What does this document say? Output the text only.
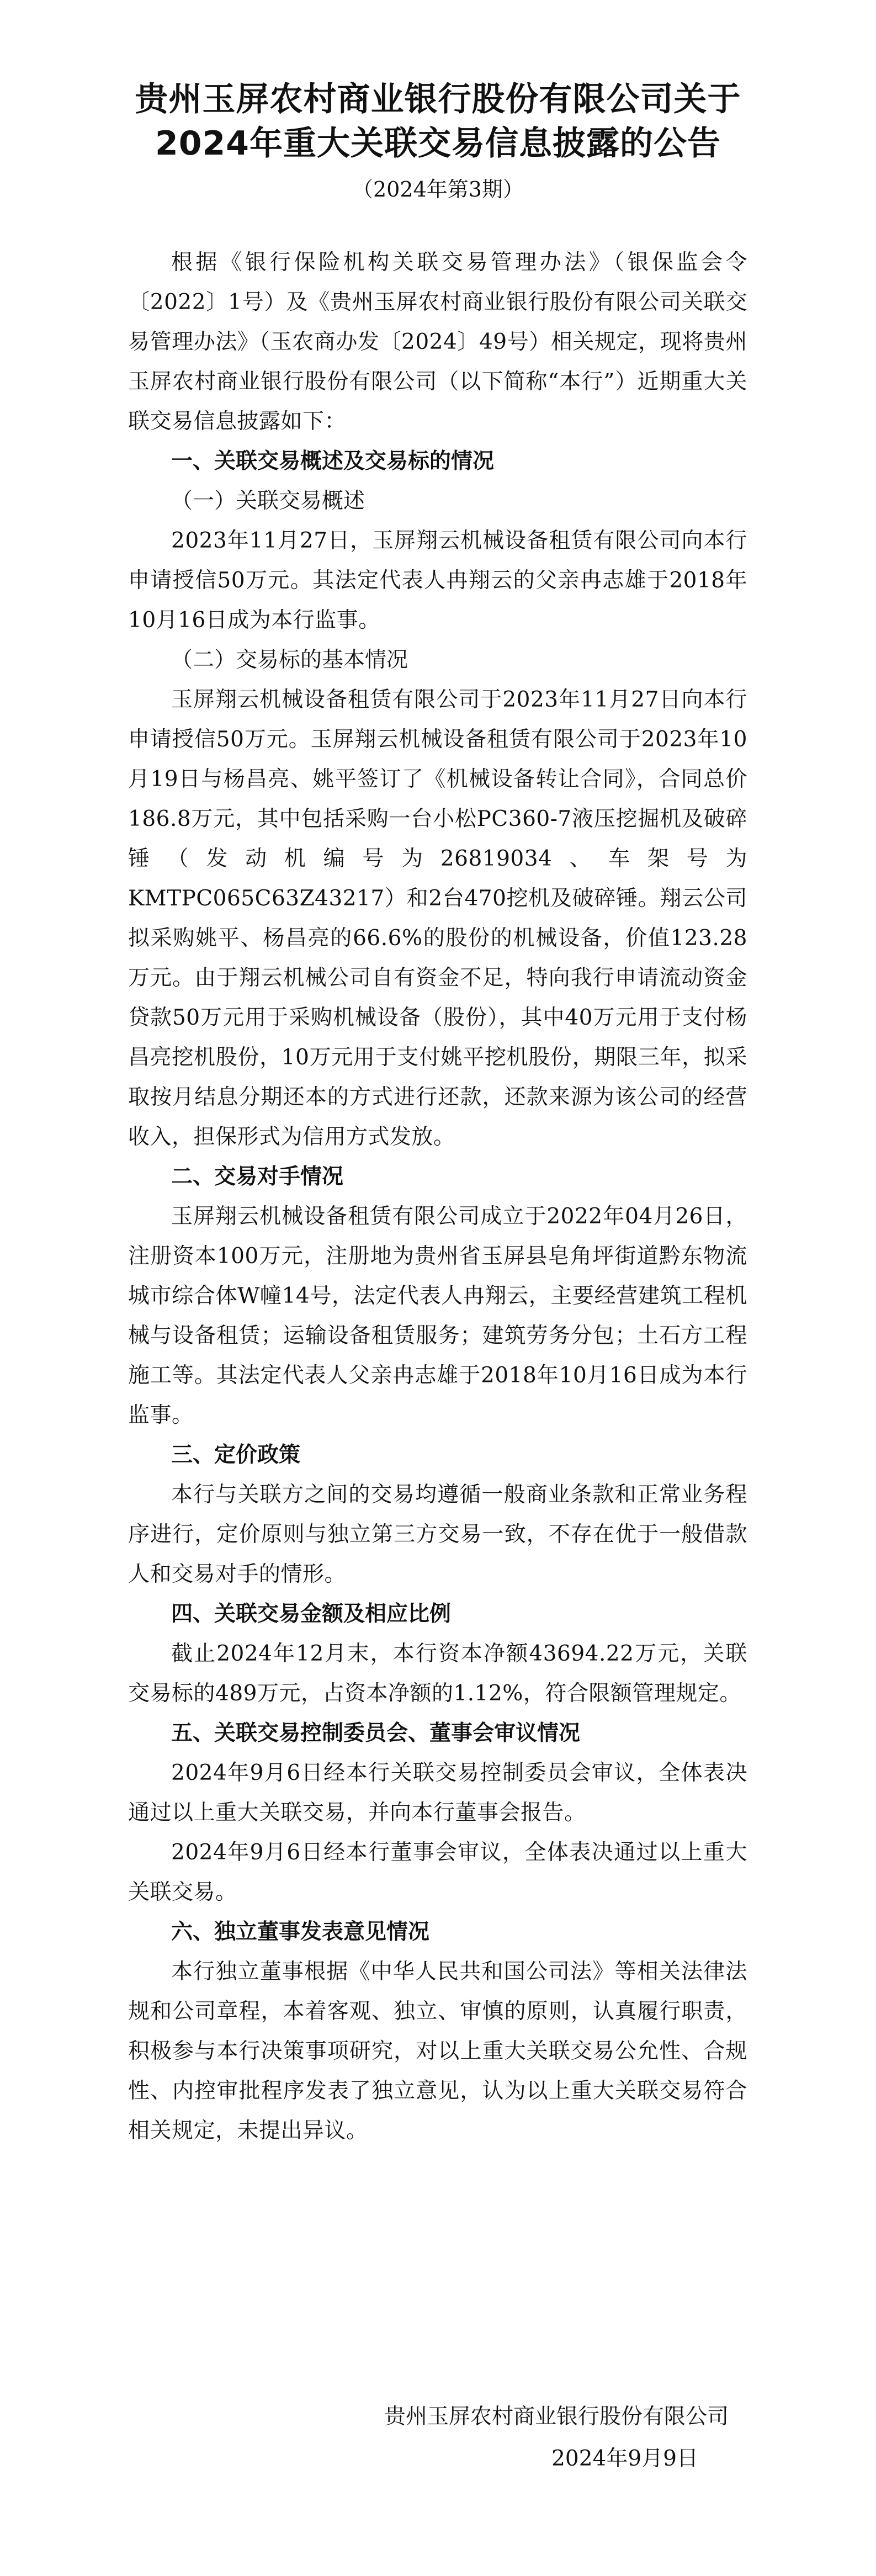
贵州玉屏农村商业银行股份有限公司关于
2024年重大关联交易信息披露的公告
（2024年第3期）

根据《银行保险机构关联交易管理办法》（银保监会令〔2022〕1号）及《贵州玉屏农村商业银行股份有限公司关联交易管理办法》（玉农商办发〔2024〕49号）相关规定，现将贵州玉屏农村商业银行股份有限公司（以下简称“本行”）近期重大关联交易信息披露如下：

一、关联交易概述及交易标的情况

（一）关联交易概述

2023年11月27日，玉屏翔云机械设备租赁有限公司向本行申请授信50万元。其法定代表人冉翔云的父亲冉志雄于2018年10月16日成为本行监事。

（二）交易标的基本情况

玉屏翔云机械设备租赁有限公司于2023年11月27日向本行申请授信50万元。玉屏翔云机械设备租赁有限公司于2023年10月19日与杨昌亮、姚平签订了《机械设备转让合同》，合同总价186.8万元，其中包括采购一台小松PC360-7液压挖掘机及破碎锤（发动机编号为26819034、车架号为KMTPC065C63Z43217）和2台470挖机及破碎锤。翔云公司拟采购姚平、杨昌亮的66.6%的股份的机械设备，价值123.28万元。由于翔云机械公司自有资金不足，特向我行申请流动资金贷款50万元用于采购机械设备（股份），其中40万元用于支付杨昌亮挖机股份，10万元用于支付姚平挖机股份，期限三年，拟采取按月结息分期还本的方式进行还款，还款来源为该公司的经营收入，担保形式为信用方式发放。

二、交易对手情况

玉屏翔云机械设备租赁有限公司成立于2022年04月26日，注册资本100万元，注册地为贵州省玉屏县皂角坪街道黔东物流城市综合体W幢14号，法定代表人冉翔云，主要经营建筑工程机械与设备租赁；运输设备租赁服务；建筑劳务分包；土石方工程施工等。其法定代表人父亲冉志雄于2018年10月16日成为本行监事。

三、定价政策

本行与关联方之间的交易均遵循一般商业条款和正常业务程序进行，定价原则与独立第三方交易一致，不存在优于一般借款人和交易对手的情形。

四、关联交易金额及相应比例

截止2024年12月末，本行资本净额43694.22万元，关联交易标的489万元，占资本净额的1.12%，符合限额管理规定。

五、关联交易控制委员会、董事会审议情况

2024年9月6日经本行关联交易控制委员会审议，全体表决通过以上重大关联交易，并向本行董事会报告。

2024年9月6日经本行董事会审议，全体表决通过以上重大关联交易。

六、独立董事发表意见情况

本行独立董事根据《中华人民共和国公司法》等相关法律法规和公司章程，本着客观、独立、审慎的原则，认真履行职责，积极参与本行决策事项研究，对以上重大关联交易公允性、合规性、内控审批程序发表了独立意见，认为以上重大关联交易符合相关规定，未提出异议。

贵州玉屏农村商业银行股份有限公司
2024年9月9日
